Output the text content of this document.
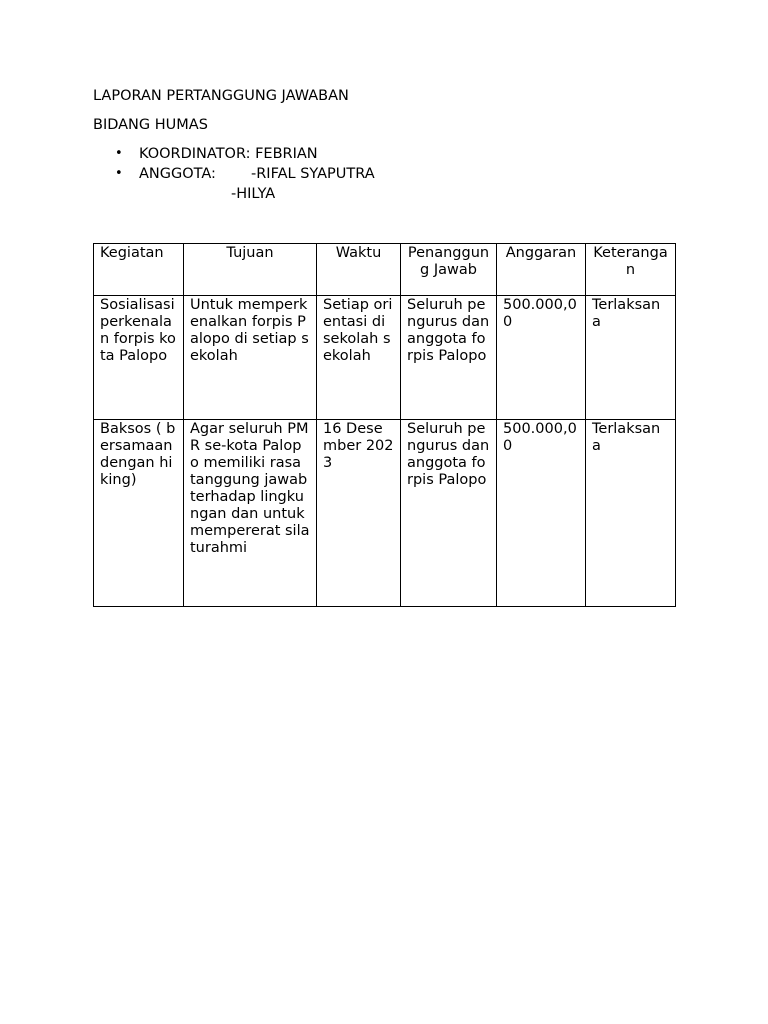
LAPORAN PERTANGGUNG JAWABAN
BIDANG HUMAS
• KOORDINATOR: FEBRIAN
• ANGGOTA: -RIFAL SYAPUTRA
-HILYA
Kegiatan	Tujuan	Waktu	Penanggung Jawab	Anggaran	Keterangan
Sosialisasi perkenalan forpis kota Palopo	Untuk memperkenalkan forpis Palopo di setiap sekolah	Setiap orientasi di sekolah sekolah	Seluruh pengurus dan anggota forpis Palopo	500.000,00	Terlaksana
Baksos ( bersamaan dengan hiking)	Agar seluruh PMR se-kota Palopo memiliki rasa tanggung jawab terhadap lingkungan dan untuk mempererat silaturahmi	16 Desember 2023	Seluruh pengurus dan anggota forpis Palopo	500.000,00	Terlaksana
